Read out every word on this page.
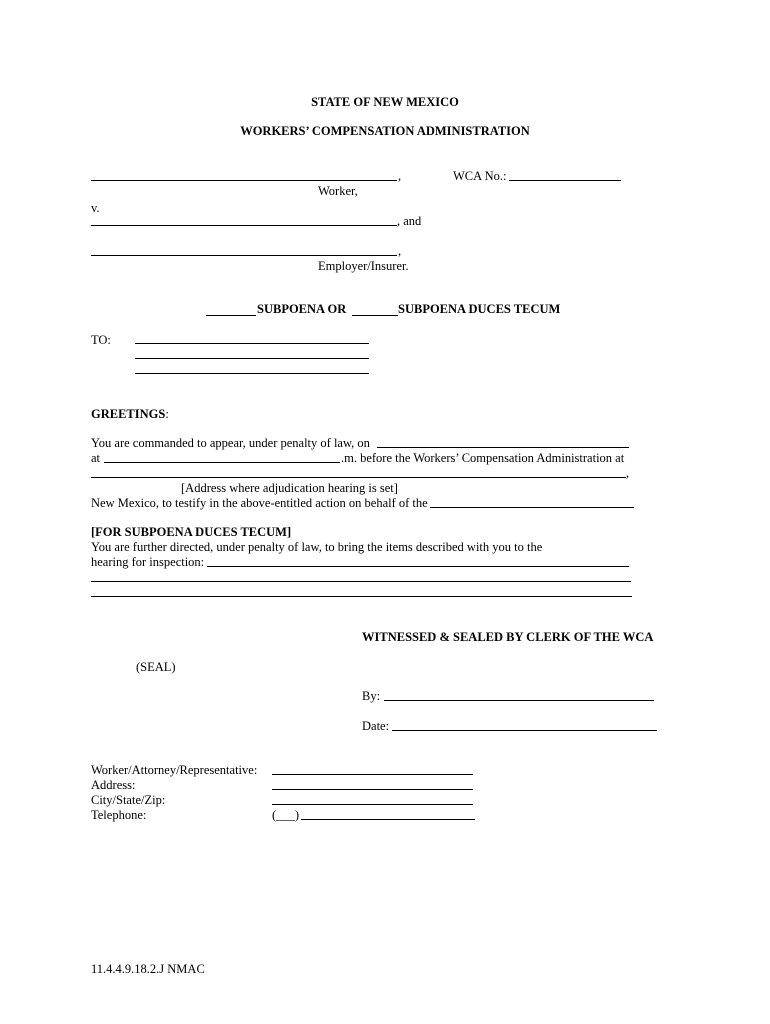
STATE OF NEW MEXICO
WORKERS’ COMPENSATION ADMINISTRATION
,	WCA No.:
Worker,
v.
, and
,
Employer/Insurer.
SUBPOENA OR	SUBPOENA DUCES TECUM
TO:
GREETINGS:
You are commanded to appear, under penalty of law, on
at	.m. before the Workers’ Compensation Administration at
,
[Address where adjudication hearing is set]
New Mexico, to testify in the above-entitled action on behalf of the
[FOR SUBPOENA DUCES TECUM]
You are further directed, under penalty of law, to bring the items described with you to the
hearing for inspection:
WITNESSED & SEALED BY CLERK OF THE WCA
(SEAL)
By:
Date:
Worker/Attorney/Representative:
Address:
City/State/Zip:
Telephone:	(___)
11.4.4.9.18.2.J NMAC
